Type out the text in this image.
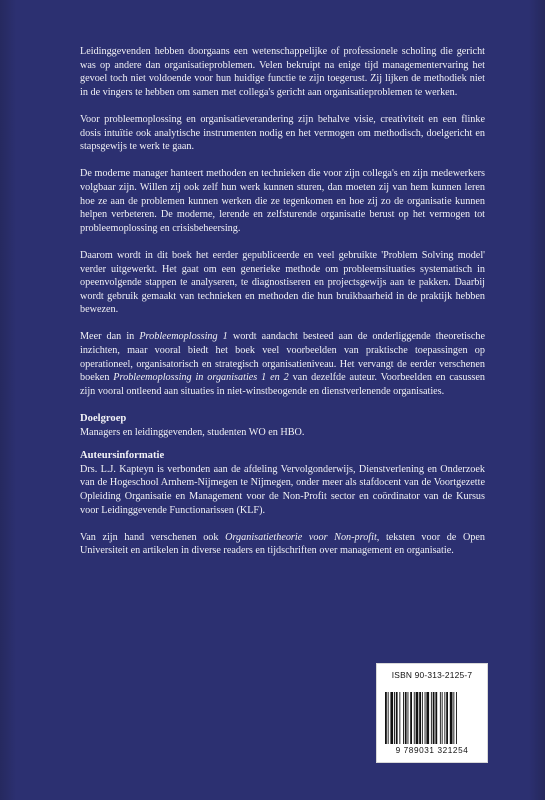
Leidinggevenden hebben doorgaans een wetenschappelijke of professionele scholing die gericht was op andere dan organisatieproblemen. Velen bekruipt na enige tijd managementervaring het gevoel toch niet voldoende voor hun huidige functie te zijn toegerust. Zij lijken de methodiek niet in de vingers te hebben om samen met collega's gericht aan organisatieproblemen te werken.

Voor probleemoplossing en organisatieverandering zijn behalve visie, creativiteit en een flinke dosis intuïtie ook analytische instrumenten nodig en het vermogen om methodisch, doelgericht en stapsgewijs te werk te gaan.

De moderne manager hanteert methoden en technieken die voor zijn collega's en zijn medewerkers volgbaar zijn. Willen zij ook zelf hun werk kunnen sturen, dan moeten zij van hem kunnen leren hoe ze aan de problemen kunnen werken die ze tegenkomen en hoe zij zo de organisatie kunnen helpen verbeteren. De moderne, lerende en zelfsturende organisatie berust op het vermogen tot probleemoplossing en crisisbeheersing.

Daarom wordt in dit boek het eerder gepubliceerde en veel gebruikte 'Problem Solving model' verder uitgewerkt. Het gaat om een generieke methode om probleemsituaties systematisch in opeenvolgende stappen te analyseren, te diagnostiseren en projectsgewijs aan te pakken. Daarbij wordt gebruik gemaakt van technieken en methoden die hun bruikbaarheid in de praktijk hebben bewezen.

Meer dan in Probleemoplossing 1 wordt aandacht besteed aan de onderliggende theoretische inzichten, maar vooral biedt het boek veel voorbeelden van praktische toepassingen op operationeel, organisatorisch en strategisch organisatieniveau. Het vervangt de eerder verschenen boeken Probleemoplossing in organisaties 1 en 2 van dezelfde auteur. Voorbeelden en casussen zijn vooral ontleend aan situaties in niet-winstbeogende en dienstverlenende organisaties.

Doelgroep

Managers en leidinggevenden, studenten WO en HBO.

Auteursinformatie

Drs. L.J. Kapteyn is verbonden aan de afdeling Vervolgonderwijs, Dienstverlening en Onderzoek van de Hogeschool Arnhem-Nijmegen te Nijmegen, onder meer als stafdocent van de Voortgezette Opleiding Organisatie en Management voor de Non-Profit sector en coördinator van de Kursus voor Leidinggevende Functionarissen (KLF).

Van zijn hand verschenen ook Organisatietheorie voor Non-profit, teksten voor de Open Universiteit en artikelen in diverse readers en tijdschriften over management en organisatie.

ISBN 90-313-2125-7
9 789031 321254
